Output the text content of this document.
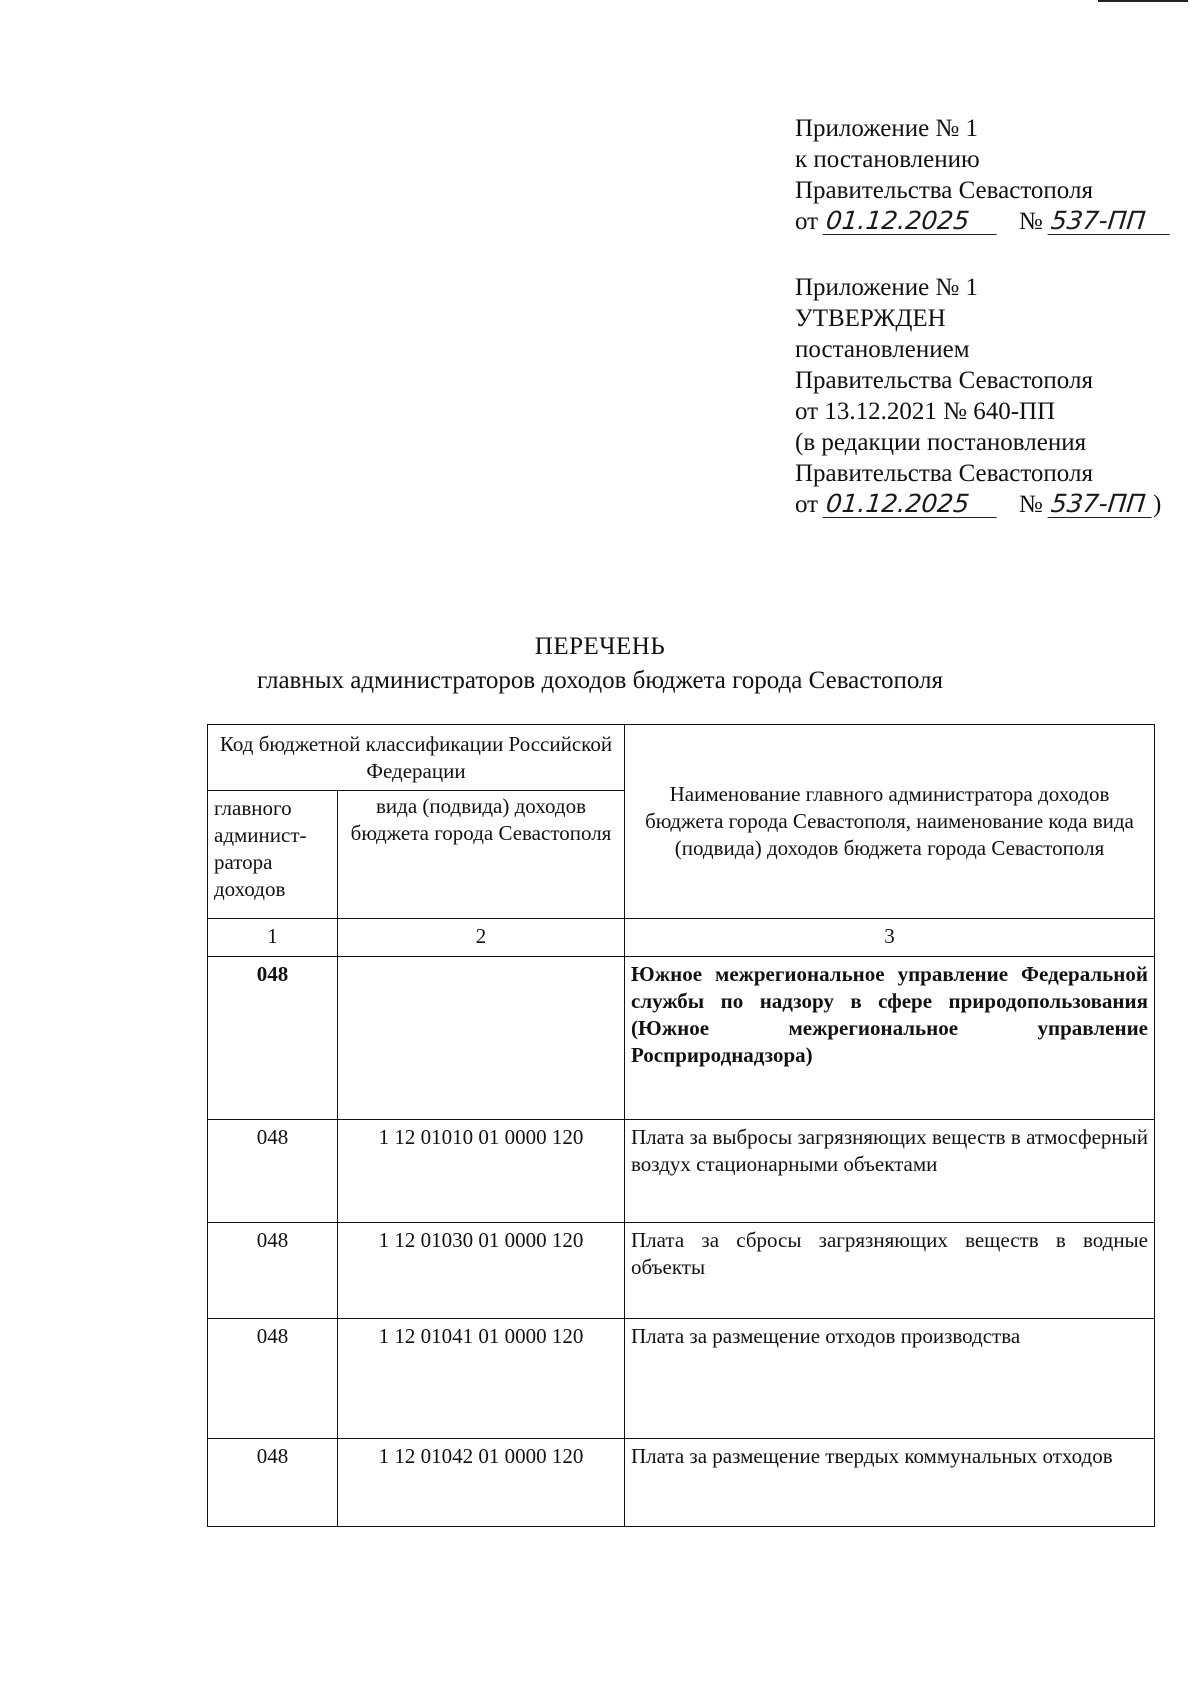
Приложение № 1
к постановлению
Правительства Севастополя
от 01.12.2025 № 537-ПП
Приложение № 1
УТВЕРЖДЕН
постановлением
Правительства Севастополя
от 13.12.2021 № 640-ПП
(в редакции постановления
Правительства Севастополя
от 01.12.2025 № 537-ПП )
ПЕРЕЧЕНЬ
главных администраторов доходов бюджета города Севастополя
Код бюджетной классификации Российской Федерации		Наименование главного администратора доходов бюджета города Севастополя, наименование кода вида (подвида) доходов бюджета города Севастополя
главного админист- ратора доходов	вида (подвида) доходов бюджета города Севастополя	
1	2	3
048		Южное межрегиональное управление Федеральной службы по надзору в сфере природопользования (Южное межрегиональное управление Росприроднадзора)
048	1 12 01010 01 0000 120	Плата за выбросы загрязняющих веществ в атмосферный воздух стационарными объектами
048	1 12 01030 01 0000 120	Плата за сбросы загрязняющих веществ в водные объекты
048	1 12 01041 01 0000 120	Плата за размещение отходов производства
048	1 12 01042 01 0000 120	Плата за размещение твердых коммунальных отходов
